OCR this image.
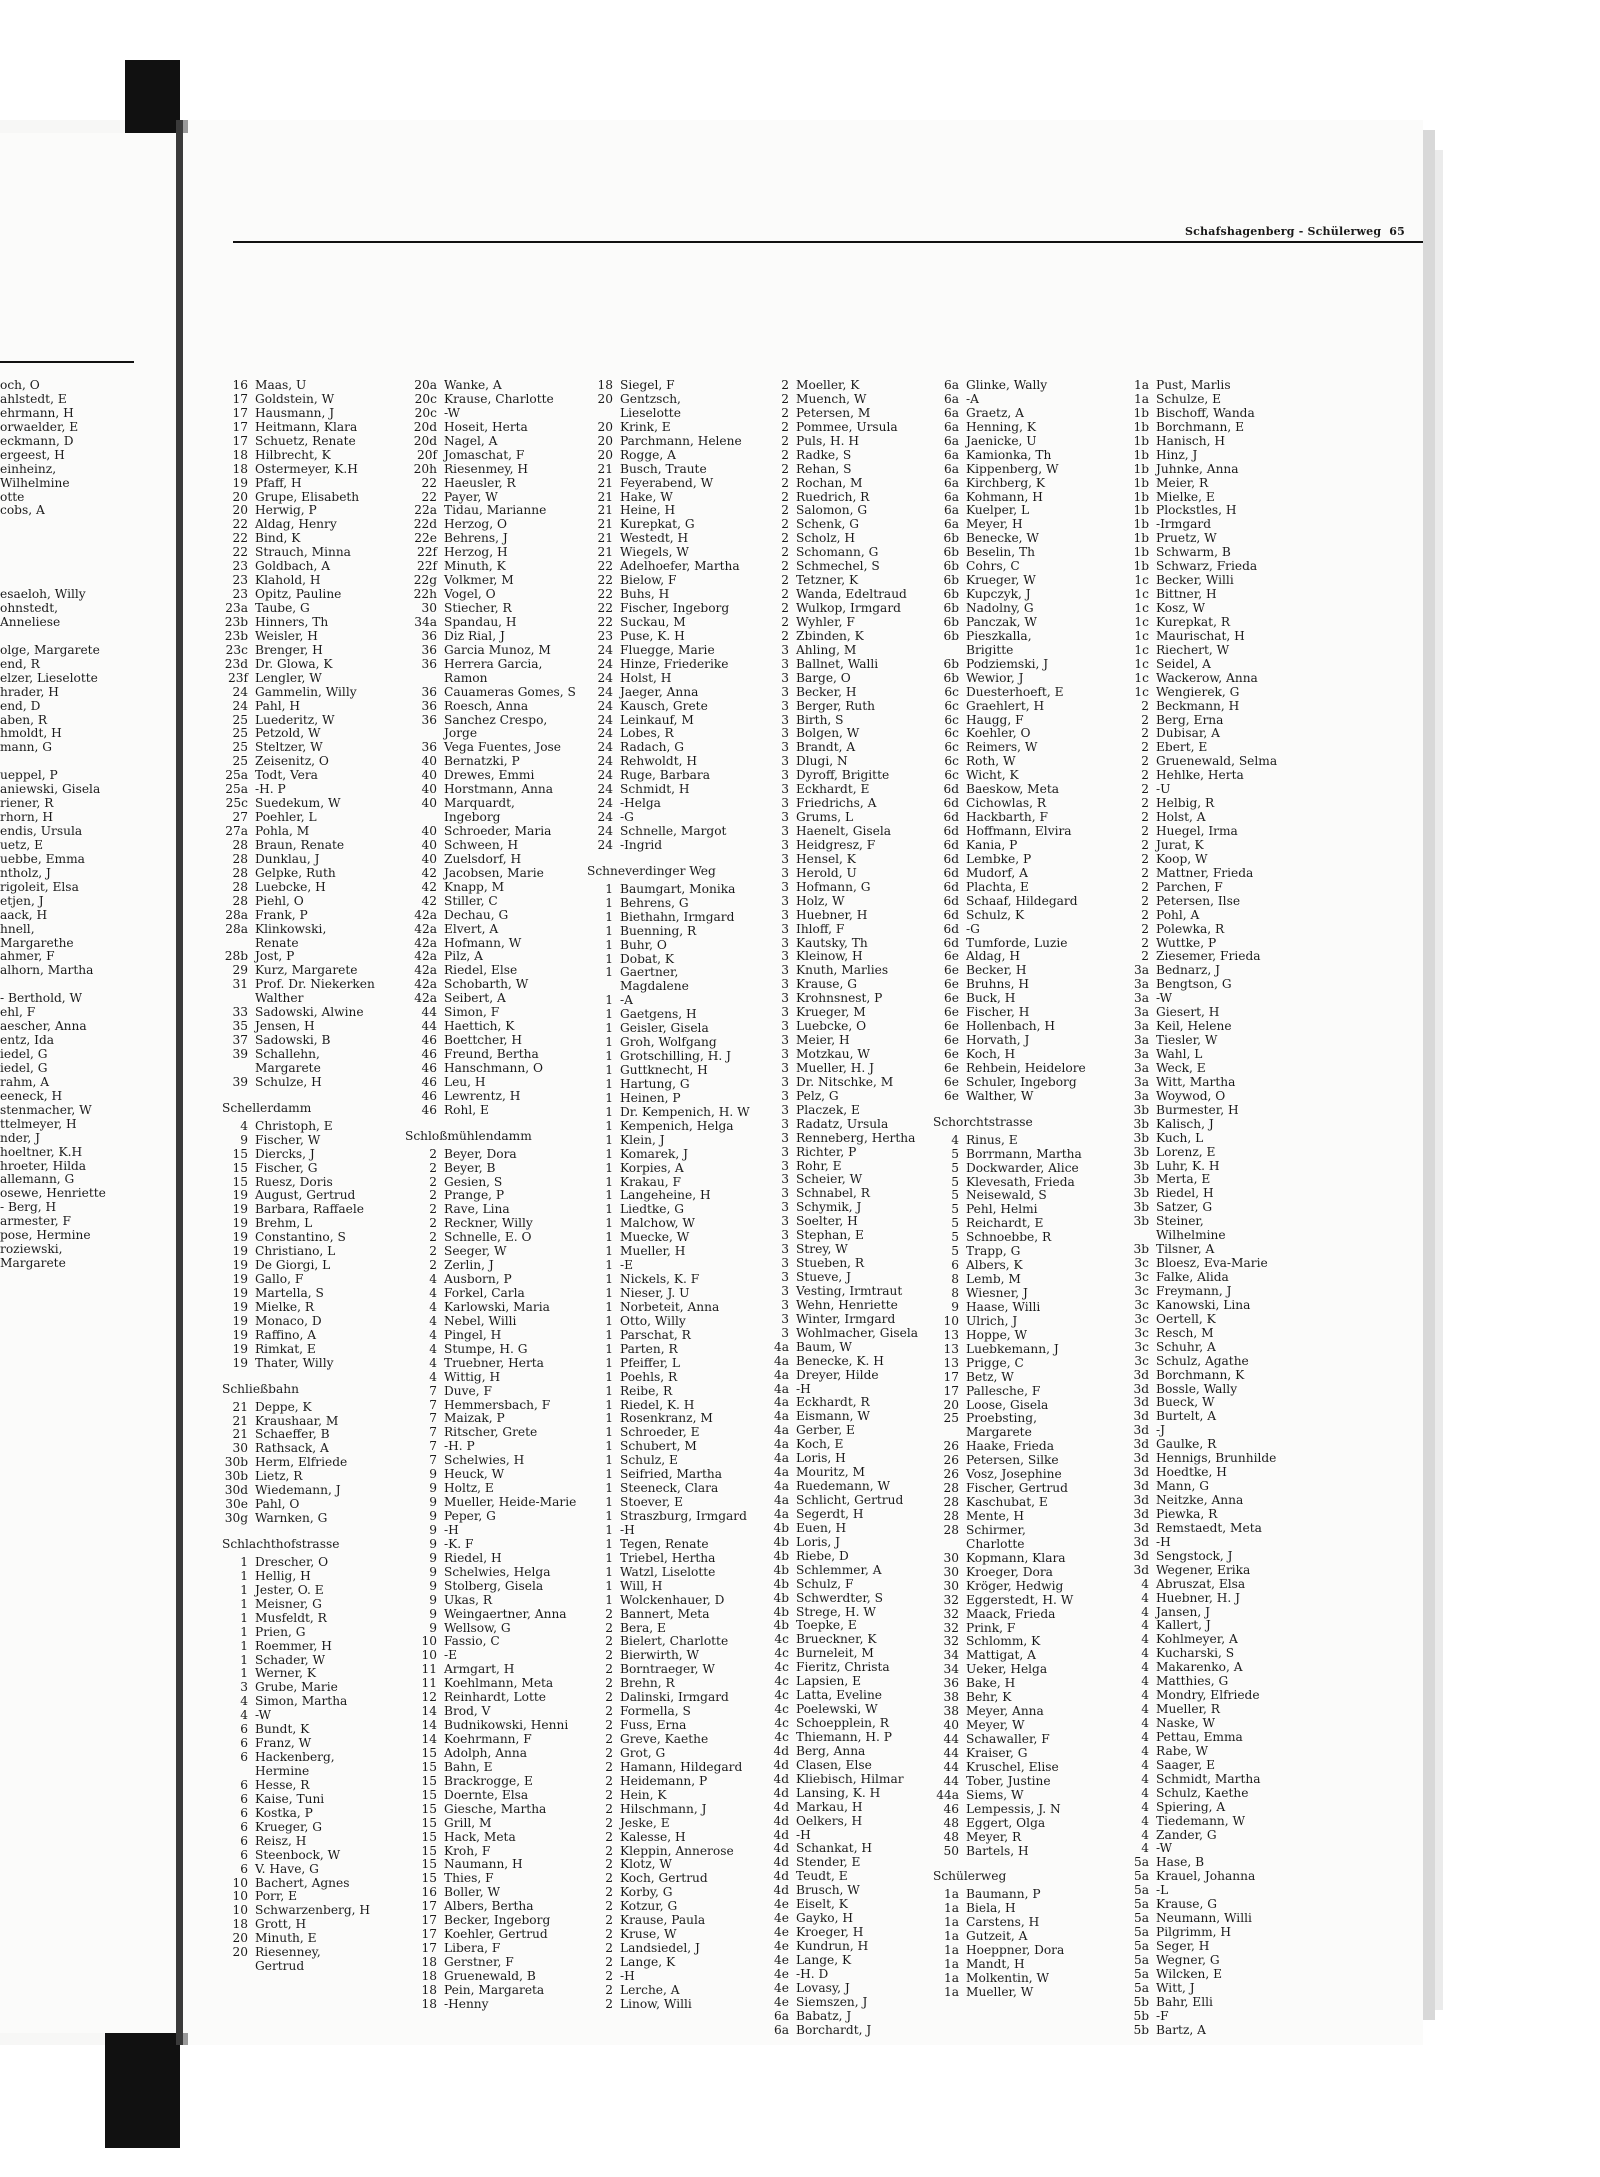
och, O
ahlstedt, E
ehrmann, H
orwaelder, E
eckmann, D
ergeest, H
einheinz,
Wilhelmine
otte
cobs, A
esaeloh, Willy
ohnstedt,
Anneliese
olge, Margarete
end, R
elzer, Lieselotte
hrader, H
end, D
aben, R
hmoldt, H
mann, G
ueppel, P
aniewski, Gisela
riener, R
rhorn, H
endis, Ursula
uetz, E
uebbe, Emma
ntholz, J
rigoleit, Elsa
etjen, J
aack, H
hnell,
Margarethe
ahmer, F
alhorn, Martha
- Berthold, W
ehl, F
aescher, Anna
entz, Ida
iedel, G
iedel, G
rahm, A
eeneck, H
stenmacher, W
ttelmeyer, H
nder, J
hoeltner, K.H
hroeter, Hilda
allemann, G
osewe, Henriette
- Berg, H
armester, F
pose, Hermine
roziewski,
Margarete
Schafshagenberg - Schülerweg 65
16 Maas, U
17 Goldstein, W
17 Hausmann, J
17 Heitmann, Klara
17 Schuetz, Renate
18 Hilbrecht, K
18 Ostermeyer, K.H
19 Pfaff, H
20 Grupe, Elisabeth
20 Herwig, P
22 Aldag, Henry
22 Bind, K
22 Strauch, Minna
23 Goldbach, A
23 Klahold, H
23 Opitz, Pauline
23a Taube, G
23b Hinners, Th
23b Weisler, H
23c Brenger, H
23d Dr. Glowa, K
23f Lengler, W
24 Gammelin, Willy
24 Pahl, H
25 Luederitz, W
25 Petzold, W
25 Steltzer, W
25 Zeisenitz, O
25a Todt, Vera
25a -H. P
25c Suedekum, W
27 Poehler, L
27a Pohla, M
28 Braun, Renate
28 Dunklau, J
28 Gelpke, Ruth
28 Luebcke, H
28 Piehl, O
28a Frank, P
28a Klinkowski,
Renate
28b Jost, P
29 Kurz, Margarete
31 Prof. Dr. Niekerken
Walther
33 Sadowski, Alwine
35 Jensen, H
37 Sadowski, B
39 Schallehn,
Margarete
39 Schulze, H
Schellerdamm
4 Christoph, E
9 Fischer, W
15 Diercks, J
15 Fischer, G
15 Ruesz, Doris
19 August, Gertrud
19 Barbara, Raffaele
19 Brehm, L
19 Constantino, S
19 Christiano, L
19 De Giorgi, L
19 Gallo, F
19 Martella, S
19 Mielke, R
19 Monaco, D
19 Raffino, A
19 Rimkat, E
19 Thater, Willy
Schließbahn
21 Deppe, K
21 Kraushaar, M
21 Schaeffer, B
30 Rathsack, A
30b Herm, Elfriede
30b Lietz, R
30d Wiedemann, J
30e Pahl, O
30g Warnken, G
Schlachthofstrasse
1 Drescher, O
1 Hellig, H
1 Jester, O. E
1 Meisner, G
1 Musfeldt, R
1 Prien, G
1 Roemmer, H
1 Schader, W
1 Werner, K
3 Grube, Marie
4 Simon, Martha
4 -W
6 Bundt, K
6 Franz, W
6 Hackenberg,
Hermine
6 Hesse, R
6 Kaise, Tuni
6 Kostka, P
6 Krueger, G
6 Reisz, H
6 Steenbock, W
6 V. Have, G
10 Bachert, Agnes
10 Porr, E
10 Schwarzenberg, H
18 Grott, H
20 Minuth, E
20 Riesenney,
Gertrud
20a Wanke, A
20c Krause, Charlotte
20c -W
20d Hoseit, Herta
20d Nagel, A
20f Jomaschat, F
20h Riesenmey, H
22 Haeusler, R
22 Payer, W
22a Tidau, Marianne
22d Herzog, O
22e Behrens, J
22f Herzog, H
22f Minuth, K
22g Volkmer, M
22h Vogel, O
30 Stiecher, R
34a Spandau, H
36 Diz Rial, J
36 Garcia Munoz, M
36 Herrera Garcia,
Ramon
36 Cauameras Gomes, S
36 Roesch, Anna
36 Sanchez Crespo,
Jorge
36 Vega Fuentes, Jose
40 Bernatzki, P
40 Drewes, Emmi
40 Horstmann, Anna
40 Marquardt,
Ingeborg
40 Schroeder, Maria
40 Schween, H
40 Zuelsdorf, H
42 Jacobsen, Marie
42 Knapp, M
42 Stiller, C
42a Dechau, G
42a Elvert, A
42a Hofmann, W
42a Pilz, A
42a Riedel, Else
42a Schobarth, W
42a Seibert, A
44 Simon, F
44 Haettich, K
46 Boettcher, H
46 Freund, Bertha
46 Hanschmann, O
46 Leu, H
46 Lewrentz, H
46 Rohl, E
Schloßmühlendamm
2 Beyer, Dora
2 Beyer, B
2 Gesien, S
2 Prange, P
2 Rave, Lina
2 Reckner, Willy
2 Schnelle, E. O
2 Seeger, W
2 Zerlin, J
4 Ausborn, P
4 Forkel, Carla
4 Karlowski, Maria
4 Nebel, Willi
4 Pingel, H
4 Stumpe, H. G
4 Truebner, Herta
4 Wittig, H
7 Duve, F
7 Hemmersbach, F
7 Maizak, P
7 Ritscher, Grete
7 -H. P
7 Schelwies, H
9 Heuck, W
9 Holtz, E
9 Mueller, Heide-Marie
9 Peper, G
9 -H
9 -K. F
9 Riedel, H
9 Schelwies, Helga
9 Stolberg, Gisela
9 Ukas, R
9 Weingaertner, Anna
9 Wellsow, G
10 Fassio, C
10 -E
11 Armgart, H
11 Koehlmann, Meta
12 Reinhardt, Lotte
14 Brod, V
14 Budnikowski, Henni
14 Koehrmann, F
15 Adolph, Anna
15 Bahn, E
15 Brackrogge, E
15 Doernte, Elsa
15 Giesche, Martha
15 Grill, M
15 Hack, Meta
15 Kroh, F
15 Naumann, H
15 Thies, F
16 Boller, W
17 Albers, Bertha
17 Becker, Ingeborg
17 Koehler, Gertrud
17 Libera, F
18 Gerstner, F
18 Gruenewald, B
18 Pein, Margareta
18 -Henny
18 Siegel, F
20 Gentzsch,
Lieselotte
20 Krink, E
20 Parchmann, Helene
20 Rogge, A
21 Busch, Traute
21 Feyerabend, W
21 Hake, W
21 Heine, H
21 Kurepkat, G
21 Westedt, H
21 Wiegels, W
22 Adelhoefer, Martha
22 Bielow, F
22 Buhs, H
22 Fischer, Ingeborg
22 Suckau, M
23 Puse, K. H
24 Fluegge, Marie
24 Hinze, Friederike
24 Holst, H
24 Jaeger, Anna
24 Kausch, Grete
24 Leinkauf, M
24 Lobes, R
24 Radach, G
24 Rehwoldt, H
24 Ruge, Barbara
24 Schmidt, H
24 -Helga
24 -G
24 Schnelle, Margot
24 -Ingrid
Schneverdinger Weg
1 Baumgart, Monika
1 Behrens, G
1 Biethahn, Irmgard
1 Buenning, R
1 Buhr, O
1 Dobat, K
1 Gaertner,
Magdalene
1 -A
1 Gaetgens, H
1 Geisler, Gisela
1 Groh, Wolfgang
1 Grotschilling, H. J
1 Guttknecht, H
1 Hartung, G
1 Heinen, P
1 Dr. Kempenich, H. W
1 Kempenich, Helga
1 Klein, J
1 Komarek, J
1 Korpies, A
1 Krakau, F
1 Langeheine, H
1 Liedtke, G
1 Malchow, W
1 Muecke, W
1 Mueller, H
1 -E
1 Nickels, K. F
1 Nieser, J. U
1 Norbeteit, Anna
1 Otto, Willy
1 Parschat, R
1 Parten, R
1 Pfeiffer, L
1 Poehls, R
1 Reibe, R
1 Riedel, K. H
1 Rosenkranz, M
1 Schroeder, E
1 Schubert, M
1 Schulz, E
1 Seifried, Martha
1 Steeneck, Clara
1 Stoever, E
1 Straszburg, Irmgard
1 -H
1 Tegen, Renate
1 Triebel, Hertha
1 Watzl, Liselotte
1 Will, H
1 Wolckenhauer, D
2 Bannert, Meta
2 Bera, E
2 Bielert, Charlotte
2 Bierwirth, W
2 Borntraeger, W
2 Brehn, R
2 Dalinski, Irmgard
2 Formella, S
2 Fuss, Erna
2 Greve, Kaethe
2 Grot, G
2 Hamann, Hildegard
2 Heidemann, P
2 Hein, K
2 Hilschmann, J
2 Jeske, E
2 Kalesse, H
2 Kleppin, Annerose
2 Klotz, W
2 Koch, Gertrud
2 Korby, G
2 Kotzur, G
2 Krause, Paula
2 Kruse, W
2 Landsiedel, J
2 Lange, K
2 -H
2 Lerche, A
2 Linow, Willi
2 Moeller, K
2 Muench, W
2 Petersen, M
2 Pommee, Ursula
2 Puls, H. H
2 Radke, S
2 Rehan, S
2 Rochan, M
2 Ruedrich, R
2 Salomon, G
2 Schenk, G
2 Scholz, H
2 Schomann, G
2 Schmechel, S
2 Tetzner, K
2 Wanda, Edeltraud
2 Wulkop, Irmgard
2 Wyhler, F
2 Zbinden, K
3 Ahling, M
3 Ballnet, Walli
3 Barge, O
3 Becker, H
3 Berger, Ruth
3 Birth, S
3 Bolgen, W
3 Brandt, A
3 Dlugi, N
3 Dyroff, Brigitte
3 Eckhardt, E
3 Friedrichs, A
3 Grums, L
3 Haenelt, Gisela
3 Heidgresz, F
3 Hensel, K
3 Herold, U
3 Hofmann, G
3 Holz, W
3 Huebner, H
3 Ihloff, F
3 Kautsky, Th
3 Kleinow, H
3 Knuth, Marlies
3 Krause, G
3 Krohnsnest, P
3 Krueger, M
3 Luebcke, O
3 Meier, H
3 Motzkau, W
3 Mueller, H. J
3 Dr. Nitschke, M
3 Pelz, G
3 Placzek, E
3 Radatz, Ursula
3 Renneberg, Hertha
3 Richter, P
3 Rohr, E
3 Scheier, W
3 Schnabel, R
3 Schymik, J
3 Soelter, H
3 Stephan, E
3 Strey, W
3 Stueben, R
3 Stueve, J
3 Vesting, Irmtraut
3 Wehn, Henriette
3 Winter, Irmgard
3 Wohlmacher, Gisela
4a Baum, W
4a Benecke, K. H
4a Dreyer, Hilde
4a -H
4a Eckhardt, R
4a Eismann, W
4a Gerber, E
4a Koch, E
4a Loris, H
4a Mouritz, M
4a Ruedemann, W
4a Schlicht, Gertrud
4a Segerdt, H
4b Euen, H
4b Loris, J
4b Riebe, D
4b Schlemmer, A
4b Schulz, F
4b Schwerdter, S
4b Strege, H. W
4b Toepke, E
4c Brueckner, K
4c Burneleit, M
4c Fieritz, Christa
4c Lapsien, E
4c Latta, Eveline
4c Poelewski, W
4c Schoepplein, R
4c Thiemann, H. P
4d Berg, Anna
4d Clasen, Else
4d Kliebisch, Hilmar
4d Lansing, K. H
4d Markau, H
4d Oelkers, H
4d -H
4d Schankat, H
4d Stender, E
4d Teudt, E
4d Brusch, W
4e Eiselt, K
4e Gayko, H
4e Kroeger, H
4e Kundrun, H
4e Lange, K
4e -H. D
4e Lovasy, J
4e Siemszen, J
6a Babatz, J
6a Borchardt, J
6a Glinke, Wally
6a -A
6a Graetz, A
6a Henning, K
6a Jaenicke, U
6a Kamionka, Th
6a Kippenberg, W
6a Kirchberg, K
6a Kohmann, H
6a Kuelper, L
6a Meyer, H
6b Benecke, W
6b Beselin, Th
6b Cohrs, C
6b Krueger, W
6b Kupczyk, J
6b Nadolny, G
6b Panczak, W
6b Pieszkalla,
Brigitte
6b Podziemski, J
6b Wewior, J
6c Duesterhoeft, E
6c Graehlert, H
6c Haugg, F
6c Koehler, O
6c Reimers, W
6c Roth, W
6c Wicht, K
6d Baeskow, Meta
6d Cichowlas, R
6d Hackbarth, F
6d Hoffmann, Elvira
6d Kania, P
6d Lembke, P
6d Mudorf, A
6d Plachta, E
6d Schaaf, Hildegard
6d Schulz, K
6d -G
6d Tumforde, Luzie
6e Aldag, H
6e Becker, H
6e Bruhns, H
6e Buck, H
6e Fischer, H
6e Hollenbach, H
6e Horvath, J
6e Koch, H
6e Rehbein, Heidelore
6e Schuler, Ingeborg
6e Walther, W
Schorchtstrasse
4 Rinus, E
5 Borrmann, Martha
5 Dockwarder, Alice
5 Klevesath, Frieda
5 Neisewald, S
5 Pehl, Helmi
5 Reichardt, E
5 Schnoebbe, R
5 Trapp, G
6 Albers, K
8 Lemb, M
8 Wiesner, J
9 Haase, Willi
10 Ulrich, J
13 Hoppe, W
13 Luebkemann, J
13 Prigge, C
17 Betz, W
17 Pallesche, F
20 Loose, Gisela
25 Proebsting,
Margarete
26 Haake, Frieda
26 Petersen, Silke
26 Vosz, Josephine
28 Fischer, Gertrud
28 Kaschubat, E
28 Mente, H
28 Schirmer,
Charlotte
30 Kopmann, Klara
30 Kroeger, Dora
30 Kröger, Hedwig
32 Eggerstedt, H. W
32 Maack, Frieda
32 Prink, F
32 Schlomm, K
34 Mattigat, A
34 Ueker, Helga
36 Bake, H
38 Behr, K
38 Meyer, Anna
40 Meyer, W
44 Schawaller, F
44 Kraiser, G
44 Kruschel, Elise
44 Tober, Justine
44a Siems, W
46 Lempessis, J. N
48 Eggert, Olga
48 Meyer, R
50 Bartels, H
Schülerweg
1a Baumann, P
1a Biela, H
1a Carstens, H
1a Gutzeit, A
1a Hoeppner, Dora
1a Mandt, H
1a Molkentin, W
1a Mueller, W
1a Pust, Marlis
1a Schulze, E
1b Bischoff, Wanda
1b Borchmann, E
1b Hanisch, H
1b Hinz, J
1b Juhnke, Anna
1b Meier, R
1b Mielke, E
1b Plockstles, H
1b -Irmgard
1b Pruetz, W
1b Schwarm, B
1b Schwarz, Frieda
1c Becker, Willi
1c Bittner, H
1c Kosz, W
1c Kurepkat, R
1c Maurischat, H
1c Riechert, W
1c Seidel, A
1c Wackerow, Anna
1c Wengierek, G
2 Beckmann, H
2 Berg, Erna
2 Dubisar, A
2 Ebert, E
2 Gruenewald, Selma
2 Hehlke, Herta
2 -U
2 Helbig, R
2 Holst, A
2 Huegel, Irma
2 Jurat, K
2 Koop, W
2 Mattner, Frieda
2 Parchen, F
2 Petersen, Ilse
2 Pohl, A
2 Polewka, R
2 Wuttke, P
2 Ziesemer, Frieda
3a Bednarz, J
3a Bengtson, G
3a -W
3a Giesert, H
3a Keil, Helene
3a Tiesler, W
3a Wahl, L
3a Weck, E
3a Witt, Martha
3a Woywod, O
3b Burmester, H
3b Kalisch, J
3b Kuch, L
3b Lorenz, E
3b Luhr, K. H
3b Merta, E
3b Riedel, H
3b Satzer, G
3b Steiner,
Wilhelmine
3b Tilsner, A
3c Bloesz, Eva-Marie
3c Falke, Alida
3c Freymann, J
3c Kanowski, Lina
3c Oertell, K
3c Resch, M
3c Schuhr, A
3c Schulz, Agathe
3d Borchmann, K
3d Bossle, Wally
3d Bueck, W
3d Burtelt, A
3d -J
3d Gaulke, R
3d Hennigs, Brunhilde
3d Hoedtke, H
3d Mann, G
3d Neitzke, Anna
3d Piewka, R
3d Remstaedt, Meta
3d -H
3d Sengstock, J
3d Wegener, Erika
4 Abruszat, Elsa
4 Huebner, H. J
4 Jansen, J
4 Kallert, J
4 Kohlmeyer, A
4 Kucharski, S
4 Makarenko, A
4 Matthies, G
4 Mondry, Elfriede
4 Mueller, R
4 Naske, W
4 Pettau, Emma
4 Rabe, W
4 Saager, E
4 Schmidt, Martha
4 Schulz, Kaethe
4 Spiering, A
4 Tiedemann, W
4 Zander, G
4 -W
5a Hase, B
5a Krauel, Johanna
5a -L
5a Krause, G
5a Neumann, Willi
5a Pilgrimm, H
5a Seger, H
5a Wegner, G
5a Wilcken, E
5a Witt, J
5b Bahr, Elli
5b -F
5b Bartz, A
